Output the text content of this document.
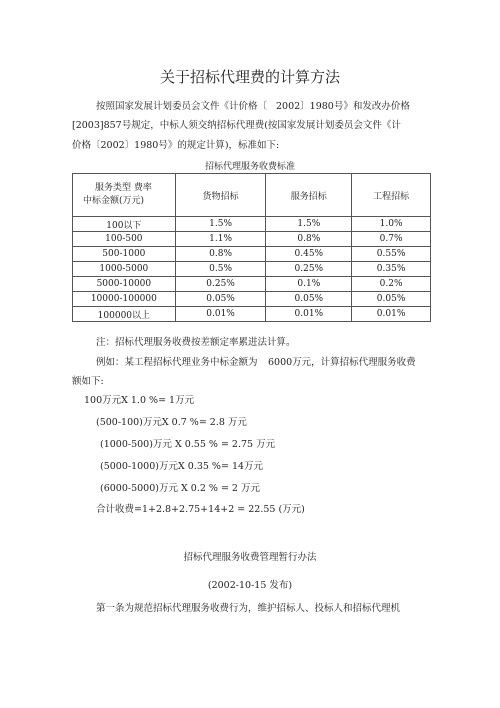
关于招标代理费的计算方法
按照国家发展计划委员会文件《计价格〔 2002〕1980号》和发改办价格
[2003]857号规定，中标人须交纳招标代理费(按国家发展计划委员会文件《计
价格〔2002〕1980号》的规定计算)，标准如下:
招标代理服务收费标准
服务类型 费率
中标金额(万元)	货物招标	服务招标	工程招标
100以下	1.5%	1.5%	1.0%
100-500	1.1%	0.8%	0.7%
500-1000	0.8%	0.45%	0.55%
1000-5000	0.5%	0.25%	0.35%
5000-10000	0.25%	0.1%	0.2%
10000-100000	0.05%	0.05%	0.05%
100000以上	0.01%	0.01%	0.01%
注：招标代理服务收费按差额定率累进法计算。
例如：某工程招标代理业务中标金额为 6000万元，计算招标代理服务收费
额如下:
100万元X 1.0 %= 1万元
(500-100)万元X 0.7 %= 2.8 万元
(1000-500)万元 X 0.55 % = 2.75 万元
(5000-1000)万元X 0.35 %= 14万元
(6000-5000)万元 X 0.2 % = 2 万元
合计收费=1+2.8+2.75+14+2 = 22.55 (万元)
招标代理服务收费管理暂行办法
(2002-10-15 发布)
第一条为规范招标代理服务收费行为，维护招标人、投标人和招标代理机
